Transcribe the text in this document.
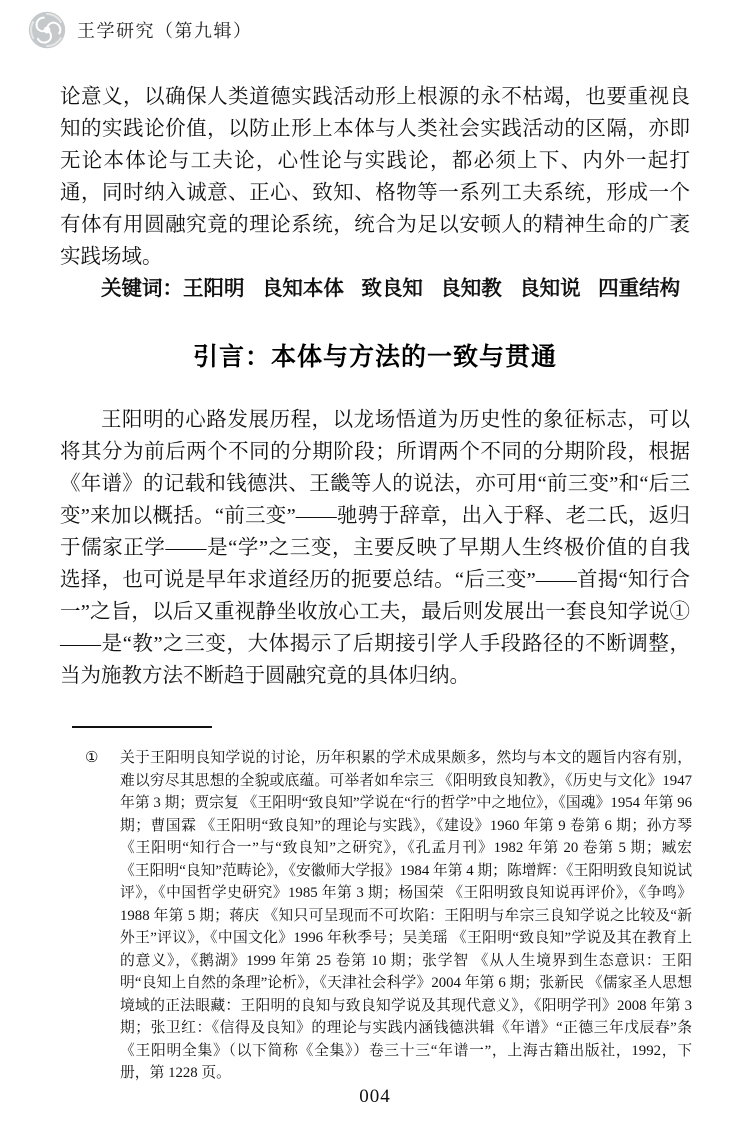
王学研究（第九辑）

论意义，以确保人类道德实践活动形上根源的永不枯竭，也要重视良知的实践论价值，以防止形上本体与人类社会实践活动的区隔，亦即无论本体论与工夫论，心性论与实践论，都必须上下、内外一起打通，同时纳入诚意、正心、致知、格物等一系列工夫系统，形成一个有体有用圆融究竟的理论系统，统合为足以安顿人的精神生命的广袤实践场域。

关键词：王阳明 良知本体 致良知 良知教 良知说 四重结构

引言：本体与方法的一致与贯通

王阳明的心路发展历程，以龙场悟道为历史性的象征标志，可以将其分为前后两个不同的分期阶段；所谓两个不同的分期阶段，根据《年谱》的记载和钱德洪、王畿等人的说法，亦可用“前三变”和“后三变”来加以概括。“前三变”——驰骋于辞章，出入于释、老二氏，返归于儒家正学——是“学”之三变，主要反映了早期人生终极价值的自我选择，也可说是早年求道经历的扼要总结。“后三变”——首揭“知行合一”之旨，以后又重视静坐收放心工夫，最后则发展出一套良知学说①——是“教”之三变，大体揭示了后期接引学人手段路径的不断调整，当为施教方法不断趋于圆融究竟的具体归纳。

①	关于王阳明良知学说的讨论，历年积累的学术成果颇多，然均与本文的题旨内容有别，难以穷尽其思想的全貌或底蕴。可举者如牟宗三 《阳明致良知教》，《历史与文化》1947 年第 3 期；贾宗复 《王阳明“致良知”学说在“行的哲学”中之地位》，《国魂》1954 年第 96 期；曹国霖 《王阳明“致良知”的理论与实践》，《建设》1960 年第 9 卷第 6 期；孙方琴 《王阳明“知行合一”与“致良知”之研究》，《孔孟月刊》1982 年第 20 卷第 5 期；臧宏 《王阳明“良知”范畴论》，《安徽师大学报》1984 年第 4 期；陈增辉：《王阳明致良知说试评》，《中国哲学史研究》1985 年第 3 期；杨国荣 《王阳明致良知说再评价》，《争鸣》1988 年第 5 期；蒋庆 《知只可呈现而不可坎陷：王阳明与牟宗三良知学说之比较及“新外王”评议》，《中国文化》1996 年秋季号；吴美瑶 《王阳明“致良知”学说及其在教育上的意义》，《鹅湖》1999 年第 25 卷第 10 期；张学智 《从人生境界到生态意识：王阳明“良知上自然的条理”论析》，《天津社会科学》2004 年第 6 期；张新民 《儒家圣人思想境域的正法眼藏：王阳明的良知与致良知学说及其现代意义》，《阳明学刊》2008 年第 3 期；张卫红：《信得及良知》的理论与实践内涵钱德洪辑《年谱》“正德三年戊辰春”条 《王阳明全集》（以下简称《全集》）卷三十三“年谱一”，上海古籍出版社，1992，下册，第 1228 页。
004
